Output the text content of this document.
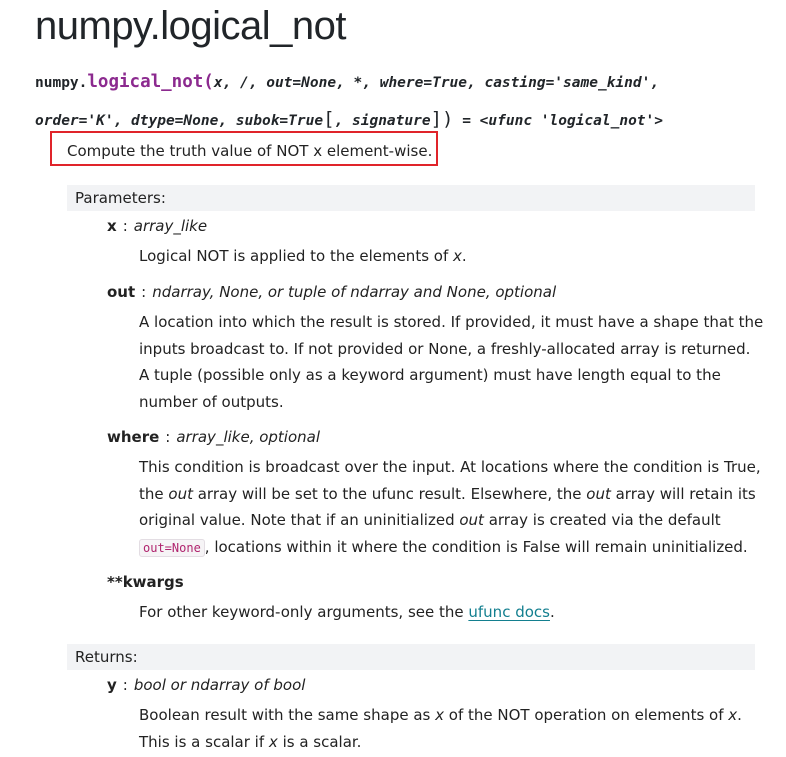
numpy.logical_not
numpy.logical_not(x, /, out=None, *, where=True, casting='same_kind',
order='K', dtype=None, subok=True[, signature]) = <ufunc 'logical_not'>
Compute the truth value of NOT x element-wise.
Parameters:
x : array_like
Logical NOT is applied to the elements of x.
out : ndarray, None, or tuple of ndarray and None, optional
A location into which the result is stored. If provided, it must have a shape that the
inputs broadcast to. If not provided or None, a freshly-allocated array is returned.
A tuple (possible only as a keyword argument) must have length equal to the
number of outputs.
where : array_like, optional
This condition is broadcast over the input. At locations where the condition is True,
the out array will be set to the ufunc result. Elsewhere, the out array will retain its
original value. Note that if an uninitialized out array is created via the default
out=None , locations within it where the condition is False will remain uninitialized.
**kwargs
For other keyword-only arguments, see the ufunc docs.
Returns:
y : bool or ndarray of bool
Boolean result with the same shape as x of the NOT operation on elements of x.
This is a scalar if x is a scalar.
